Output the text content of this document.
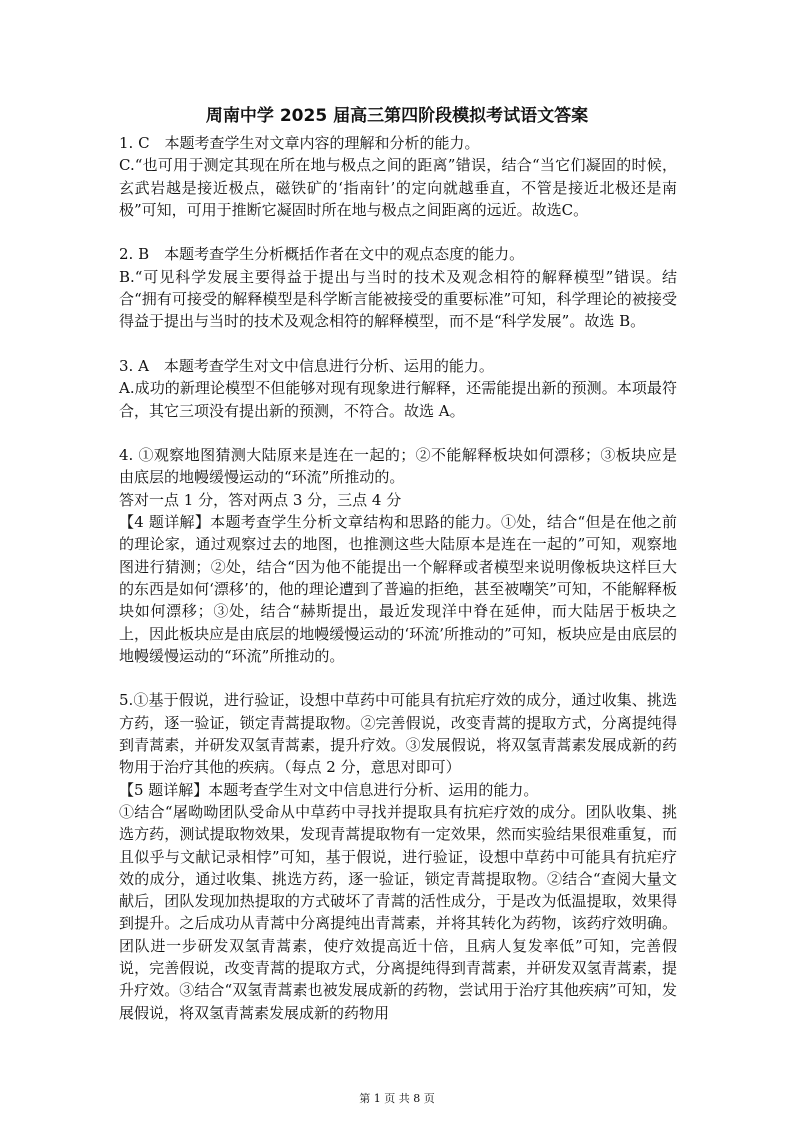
周南中学 2025 届高三第四阶段模拟考试语文答案

1. C　本题考查学生对文章内容的理解和分析的能力。

C.“也可用于测定其现在所在地与极点之间的距离”错误，结合“当它们凝固的时候，玄武岩越是接近极点，磁铁矿的‘指南针’的定向就越垂直，不管是接近北极还是南极”可知，可用于推断它凝固时所在地与极点之间距离的远近。故选C。

2. B　本题考查学生分析概括作者在文中的观点态度的能力。

B.“可见科学发展主要得益于提出与当时的技术及观念相符的解释模型”错误。结合“拥有可接受的解释模型是科学断言能被接受的重要标准”可知，科学理论的被接受得益于提出与当时的技术及观念相符的解释模型，而不是“科学发展”。故选 B。

3. A　本题考查学生对文中信息进行分析、运用的能力。

A.成功的新理论模型不但能够对现有现象进行解释，还需能提出新的预测。本项最符合，其它三项没有提出新的预测，不符合。故选 A。

4. ①观察地图猜测大陆原来是连在一起的；②不能解释板块如何漂移；③板块应是由底层的地幔缓慢运动的“环流”所推动的。

答对一点 1 分，答对两点 3 分，三点 4 分

【4 题详解】本题考查学生分析文章结构和思路的能力。①处，结合“但是在他之前的理论家，通过观察过去的地图，也推测这些大陆原本是连在一起的”可知，观察地图进行猜测；②处，结合“因为他不能提出一个解释或者模型来说明像板块这样巨大的东西是如何‘漂移’的，他的理论遭到了普遍的拒绝，甚至被嘲笑”可知，不能解释板块如何漂移；③处，结合“赫斯提出，最近发现洋中脊在延伸，而大陆居于板块之上，因此板块应是由底层的地幔缓慢运动的‘环流’所推动的”可知，板块应是由底层的地幔缓慢运动的“环流”所推动的。

5.①基于假说，进行验证，设想中草药中可能具有抗疟疗效的成分，通过收集、挑选方药，逐一验证，锁定青蒿提取物。②完善假说，改变青蒿的提取方式，分离提纯得到青蒿素，并研发双氢青蒿素，提升疗效。③发展假说，将双氢青蒿素发展成新的药物用于治疗其他的疾病。（每点 2 分，意思对即可）

【5 题详解】本题考查学生对文中信息进行分析、运用的能力。

①结合“屠呦呦团队受命从中草药中寻找并提取具有抗疟疗效的成分。团队收集、挑选方药，测试提取物效果，发现青蒿提取物有一定效果，然而实验结果很难重复，而且似乎与文献记录相悖”可知，基于假说，进行验证，设想中草药中可能具有抗疟疗效的成分，通过收集、挑选方药，逐一验证，锁定青蒿提取物。②结合“查阅大量文献后，团队发现加热提取的方式破坏了青蒿的活性成分，于是改为低温提取，效果得到提升。之后成功从青蒿中分离提纯出青蒿素，并将其转化为药物，该药疗效明确。团队进一步研发双氢青蒿素，使疗效提高近十倍，且病人复发率低”可知，完善假说，完善假说，改变青蒿的提取方式，分离提纯得到青蒿素，并研发双氢青蒿素，提升疗效。③结合“双氢青蒿素也被发展成新的药物，尝试用于治疗其他疾病”可知，发展假说，将双氢青蒿素发展成新的药物用

第 1 页 共 8 页
